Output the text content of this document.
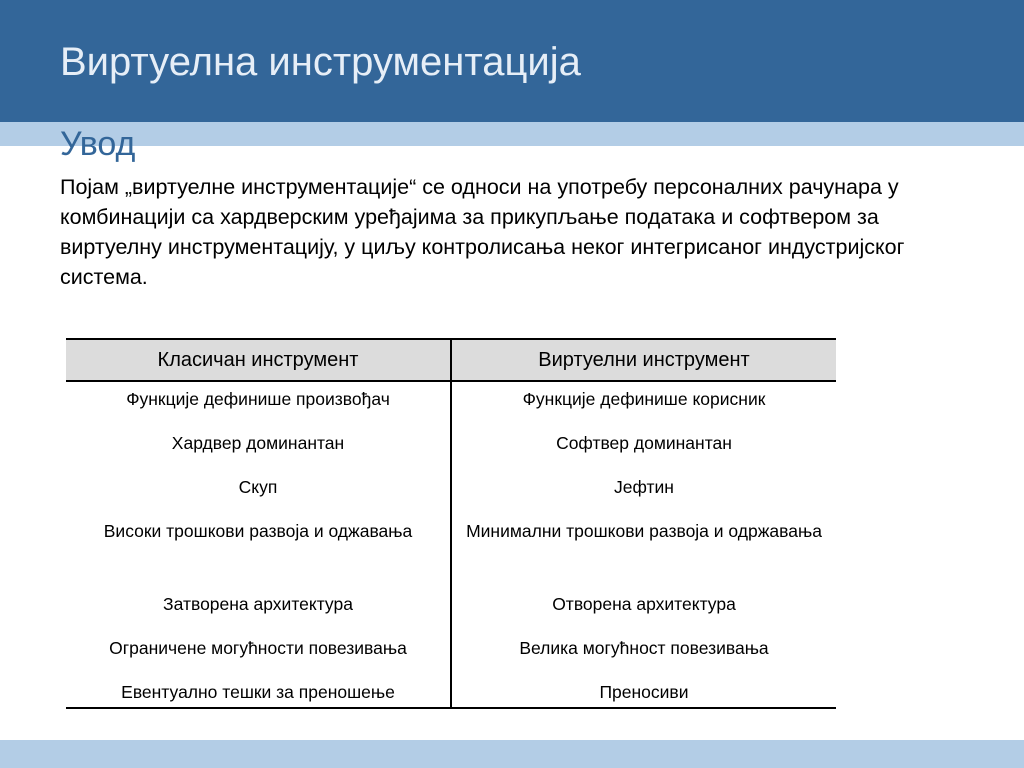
Виртуелна инструментација
Увод

Појам „виртуелне инструментације“ се односи на употребу персоналних рачунара у комбинацији са хардверским уређајима за прикупљање података и софтвером за виртуелну инструментацију, у циљу контролисања неког интегрисаног индустријског система.

Класичан инструмент	Виртуелни инструмент
Функције дефинише произвођач	Функције дефинише корисник
Хардвер доминантан	Софтвер доминантан
Скуп	Јефтин
Високи трошкови развоја и оджавања	Минимални трошкови развоја и одржавања
Затворена архитектура	Отворена архитектура
Ограничене могућности повезивања	Велика могућност повезивања
Евентуално тешки за преношење	Преносиви
